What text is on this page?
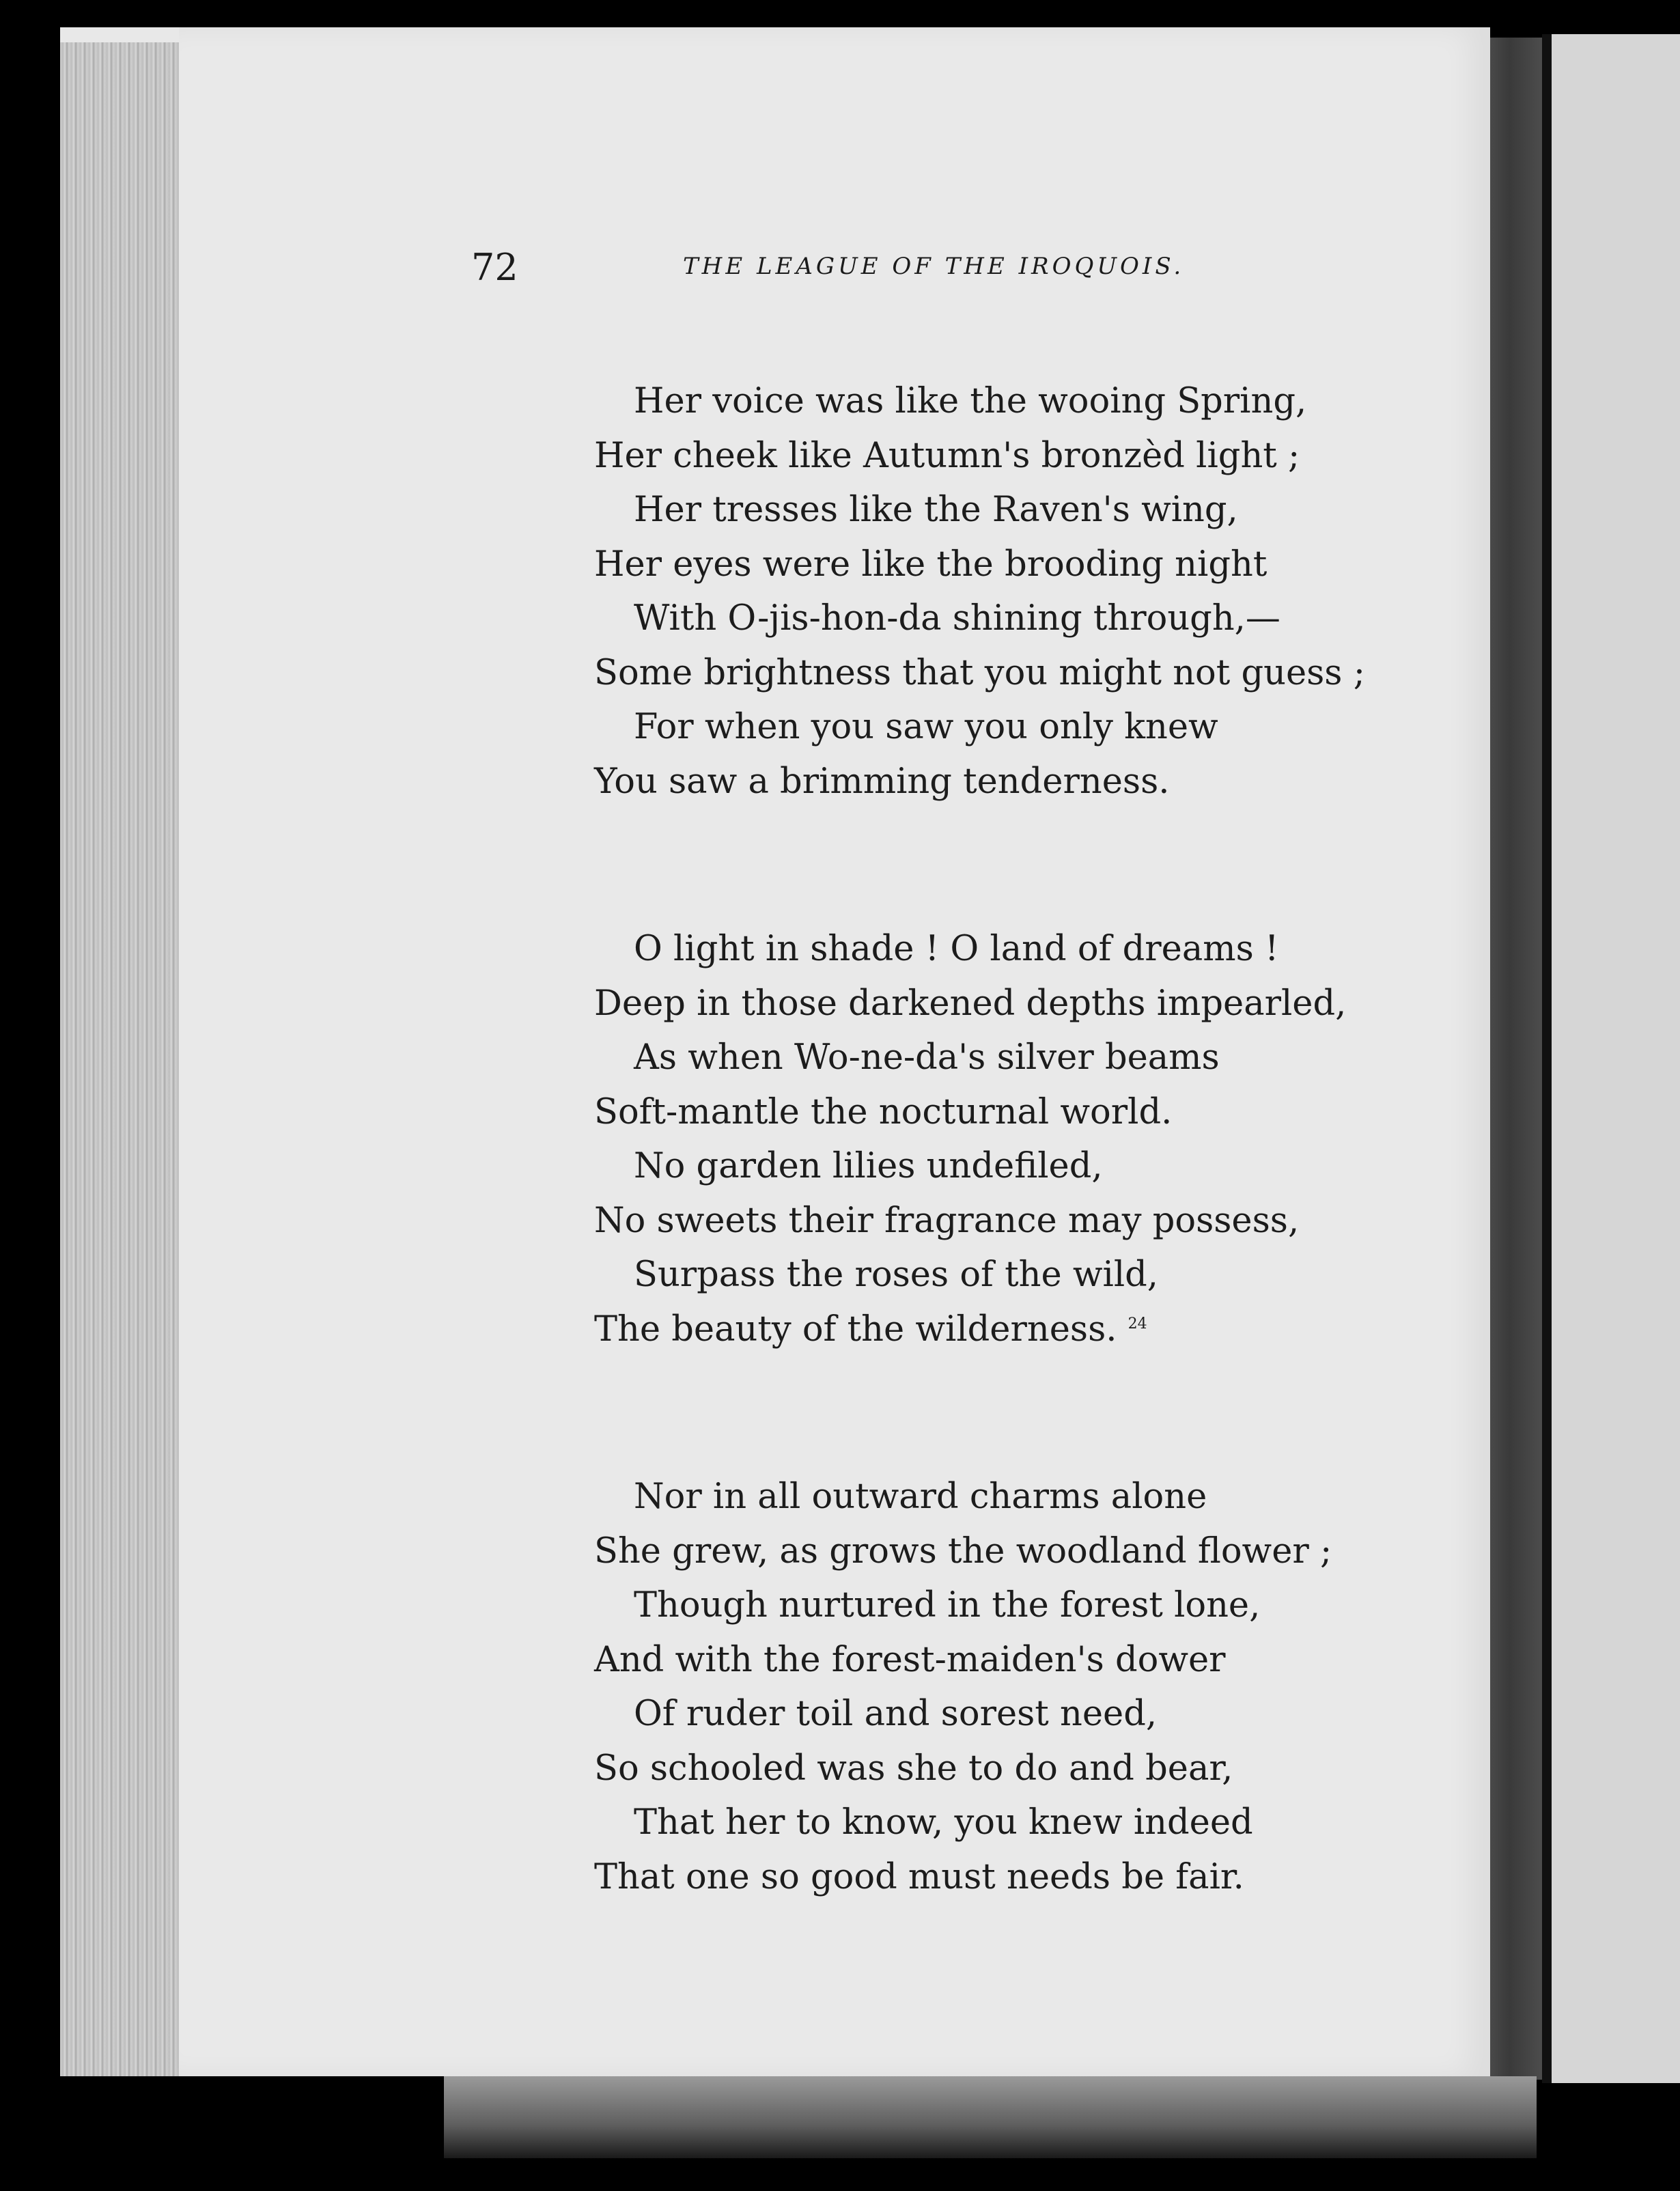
72	THE LEAGUE OF THE IROQUOIS.
Her voice was like the wooing Spring,
Her cheek like Autumn's bronzèd light ;
Her tresses like the Raven's wing,
Her eyes were like the brooding night
With O-jis-hon-da shining through,—
Some brightness that you might not guess ;
For when you saw you only knew
You saw a brimming tenderness.
O light in shade ! O land of dreams !
Deep in those darkened depths impearled,
As when Wo-ne-da's silver beams
Soft-mantle the nocturnal world.
No garden lilies undefiled,
No sweets their fragrance may possess,
Surpass the roses of the wild,
The beauty of the wilderness. $^{24}$
Nor in all outward charms alone
She grew, as grows the woodland flower ;
Though nurtured in the forest lone,
And with the forest-maiden's dower
Of ruder toil and sorest need,
So schooled was she to do and bear,
That her to know, you knew indeed
That one so good must needs be fair.
